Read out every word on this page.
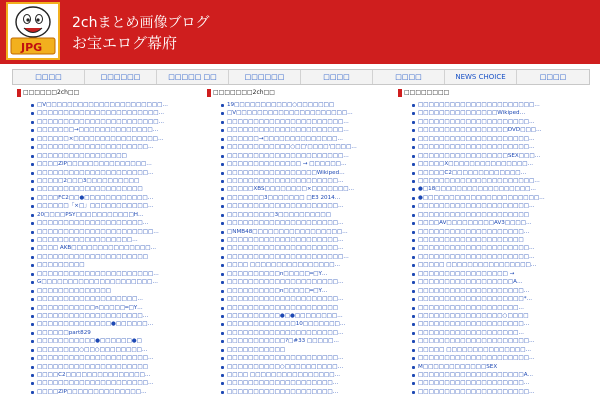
JPG
2chまとめ画像ブログ
お宝エログ幕府
□□□□	□□□□□□	□□□□□ □□	□□□□□□	□□□□	□□□□	NEWS CHOICE	□□□□
□□□□□□2ch□□
□V□□□□□□□□□□□□□□□□□□□□□□…
□□□□□□□□□□□□□□□□□□□□□□□…
□□□□□□□□□□□□□□□□□□□□□□□…
□□□□□□□→□□□□□□□□□□□□□□…
□□□□□□×□□□□□□□□□□□□□□□□…
□□□□□□□□□□□□□□□□□□□□□…
□□□□□□□□□□□□□□□□□
□□□□ZIP□□□□□□□□□□□□□□□…
□□□□□□□□□□□□□□□□□□□□□…
□□□□□2□□□3□□□□□□□□□□
□□□□□□□□□□□□□□□□□□□□
□□□□FC2□□●□□□□□□□□□□□□…
□□□□□□「×□」□□□□□□□□□□□…
20□□□□PSY□□□□□□□□□□□H…
□□□□□□□□□□□□□□□□□□□□…
□□□□□□□□□□□□□□□□□□□□□□…
□□□□□□□□□□□□□□□□□□…
□□□□ AKB□□□□□□□□□□□□□□□…
□□□□□□□□□□□□□□□□□□□□□
□□□□□□□□□
□□□□□□□□□□□□□□□□□□□□□□…
G□□□□□□□□□□□□□□□□□□□□□…
□□□□□□□□□□□□□□
□□□□□□□□□□□□□□□□□□□…
□□□□□□□□□□□n□□□□□━□Y…
□□□□□□□□□□□□□□□□□□□□…
□□□□□□□□□□□□□□●□□□□□□…
□□□□□□part829
□□□□□□□□□□□●□□□□□□●□
□□□□□□□□○□□○□□□□□□□□…
□□□□□□□□□□□□□□□□□□□□□…
□□□□□□□□□□□□□□□□□□□□□
□□□□C2□□□□□□□□□□□□□□□…
□□□□□□□□□□□□□□□□□□□□□…
□□□□ZIP□□□□□□□□□□□□□□…
□□□□□□□2ch□□
19□□□□□□□□□□□○□□□□□□□
□V□□□□□□□□□□□□□□□□□□□□□…
□□□□□□□□□□□□□□□□□□□□□□…
□□□□□□□□□□□□□□□□□□□□□□…
□□□□□□→□□□□□□□□□□□□□□…
□□□□□□□□□□□□○□□'□□□□'□□□□…
□□□□□□□□□□□□□□□□□□□□□□…
□□□□□□□□□□□□□□ → □□□□□□…
□□□□□□□□□□□□□□□□□Wikiped…
□□□□□□□□□□□□□□□□□□□□□…
□□□□□XBS□□□□□□□□×□□□□□□□…
□□□□□□□3□□□□□□□ □E3 2014…
□□□□□□□□□□□□□□□□□□□□□…
□□□□□□□□□3□□□□□□□□□□
□□□□□□□□□□□□□□□□□□□□□…
□NMB48□□□□□□□□□□□□□□□□□…
□□□□□□□□□□□□□□□□□□□□□…
□□□□□□□□□□□□□□□□□□□□□…
□□□□□□□□□□□□□□□□□□□□□□…
□□□□ □□□□□□□□□□□□□□□□…
□□□□□□□□□□n□□□□□━□Y…
□□□□□□□□□□□□□□□□□□□□□…
□□□□□□□□□□n□□□□□━□Y…
□□□□□□□□□□□□□□□□□□□□□…
□□□□□□□□□□□□□□□□□□□□□
□□□□□□□□□□●□●□□□□□□□□…
□□□□□□□□□□□□□10□□□□□□□…
□□□□□□□□□□□□□□□□□□□□□…
□□□□□□□□□□□?□#33 □□□□□…
□□□□□□□□□□□
□□□□□□□□□□□□□□□□□□□□□…
□□□□□□□□□□○□□□□□□□□□□…
□□□□ □□□□□□□□□□□□□□□□…
□□□□□□□□□□□□□□□□□□□□…
□□□□□□□□□□□□□□□□□□□□…
□□□□□□□□
□□□□□□□□□□□□□□□□□□□□□□…
□□□□□□□□□□□□□□□Wikiped…
□□□□□□□□□□□□□□□□□□□□□…
□□□□□□□□□□□□□□□□□DVD□□□…
□□□□□□□□□□□□□□□□□□□□□…
□□□□□□□□□□□□□□□□□□□□□…
□□□□□□□□□□□□□□□□□SEX□□□…
□□□□□X□□□□□□□□□□□□□□□…
□□□□□C2□□□□□□□□□□□□□…
□□□□□□□□□□□□□□□□□□□□□□…
●□18□□□□□□□□□□□□□□□□□□…
●□□□□□□□□□□□□□□□□□□□□□□…
□□□□□□□□□□□□□□□□□□□□□…
□□□□□□□□□□□□□□□□□□□□□
□□□□AV□□□□□□□□□AV3□□□□…
□□□□□□□□□□□□□□□□□□□□…
□□□□□□□□□□□□□□□□□□□□
□□□□□□□□□□□□□□□□□□□□□…
□□□□□□□□□□□□□□□□□□□□□…
□□□□□ □□□□□□□□□□□□□□□□…
□□□□□□□□□□□□□□□□□ →
□□□□□□□□□□□□□□□□□□A…
□□□□□□□□□□□□□□□□□□□□…
□□□□□□□□□□□□□□□□□□□□*…
□□□□□□□□□□□□□□□□□□□…
□□□□□□□□□□□□□□□□○□□□□
□□□□□□□□□□□□□□□□□□□□…
□□□□□□□□□□□□□□□□□□□…
□□□□□□□□□□□□□□□□□□□□□…
□□□□□ □□□□□□□□□□□□□□□…
□□□□□□□□□□□□□□□□□□□□□…
M□□□□□□□□□□□□SEX
□□□□□□□□□□□□□□□□□□□□A…
□□□□□□□□□□□□□□□□□□□□…
□□□□□□□□□□□□□□□□□□□□□…
